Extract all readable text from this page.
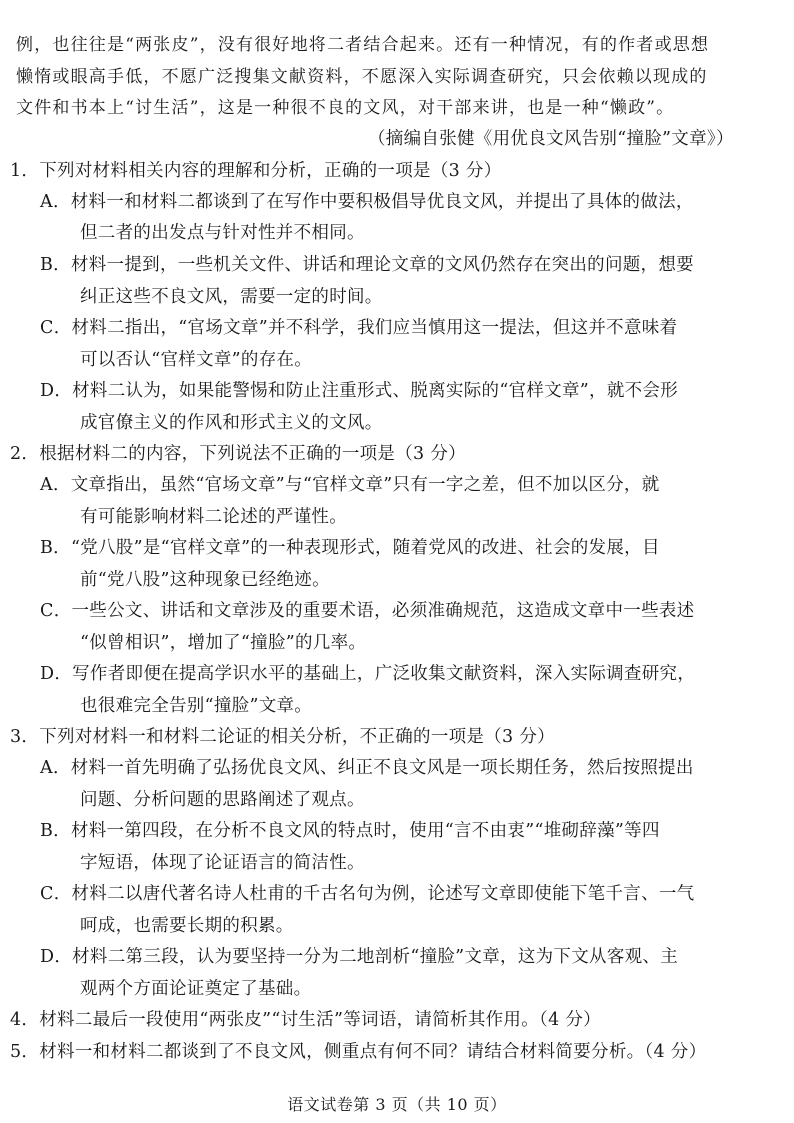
例，也往往是“两张皮”，没有很好地将二者结合起来。还有一种情况，有的作者或思想
懒惰或眼高手低，不愿广泛搜集文献资料，不愿深入实际调查研究，只会依赖以现成的
文件和书本上“讨生活”，这是一种很不良的文风，对干部来讲，也是一种“懒政”。
（摘编自张健《用优良文风告别“撞脸”文章》）
1．下列对材料相关内容的理解和分析，正确的一项是（3 分）
A．材料一和材料二都谈到了在写作中要积极倡导优良文风，并提出了具体的做法，
但二者的出发点与针对性并不相同。
B．材料一提到，一些机关文件、讲话和理论文章的文风仍然存在突出的问题，想要
纠正这些不良文风，需要一定的时间。
C．材料二指出，“官场文章”并不科学，我们应当慎用这一提法，但这并不意味着
可以否认“官样文章”的存在。
D．材料二认为，如果能警惕和防止注重形式、脱离实际的“官样文章”，就不会形
成官僚主义的作风和形式主义的文风。
2．根据材料二的内容，下列说法不正确的一项是（3 分）
A．文章指出，虽然“官场文章”与“官样文章”只有一字之差，但不加以区分，就
有可能影响材料二论述的严谨性。
B．“党八股”是“官样文章”的一种表现形式，随着党风的改进、社会的发展，目
前“党八股”这种现象已经绝迹。
C．一些公文、讲话和文章涉及的重要术语，必须准确规范，这造成文章中一些表述
“似曾相识”，增加了“撞脸”的几率。
D．写作者即便在提高学识水平的基础上，广泛收集文献资料，深入实际调查研究，
也很难完全告别“撞脸”文章。
3．下列对材料一和材料二论证的相关分析，不正确的一项是（3 分）
A．材料一首先明确了弘扬优良文风、纠正不良文风是一项长期任务，然后按照提出
问题、分析问题的思路阐述了观点。
B．材料一第四段，在分析不良文风的特点时，使用“言不由衷”“堆砌辞藻”等四
字短语，体现了论证语言的简洁性。
C．材料二以唐代著名诗人杜甫的千古名句为例，论述写文章即使能下笔千言、一气
呵成，也需要长期的积累。
D．材料二第三段，认为要坚持一分为二地剖析“撞脸”文章，这为下文从客观、主
观两个方面论证奠定了基础。
4．材料二最后一段使用“两张皮”“讨生活”等词语，请简析其作用。（4 分）
5．材料一和材料二都谈到了不良文风，侧重点有何不同？请结合材料简要分析。（4 分）
语文试卷第 3 页（共 10 页）
